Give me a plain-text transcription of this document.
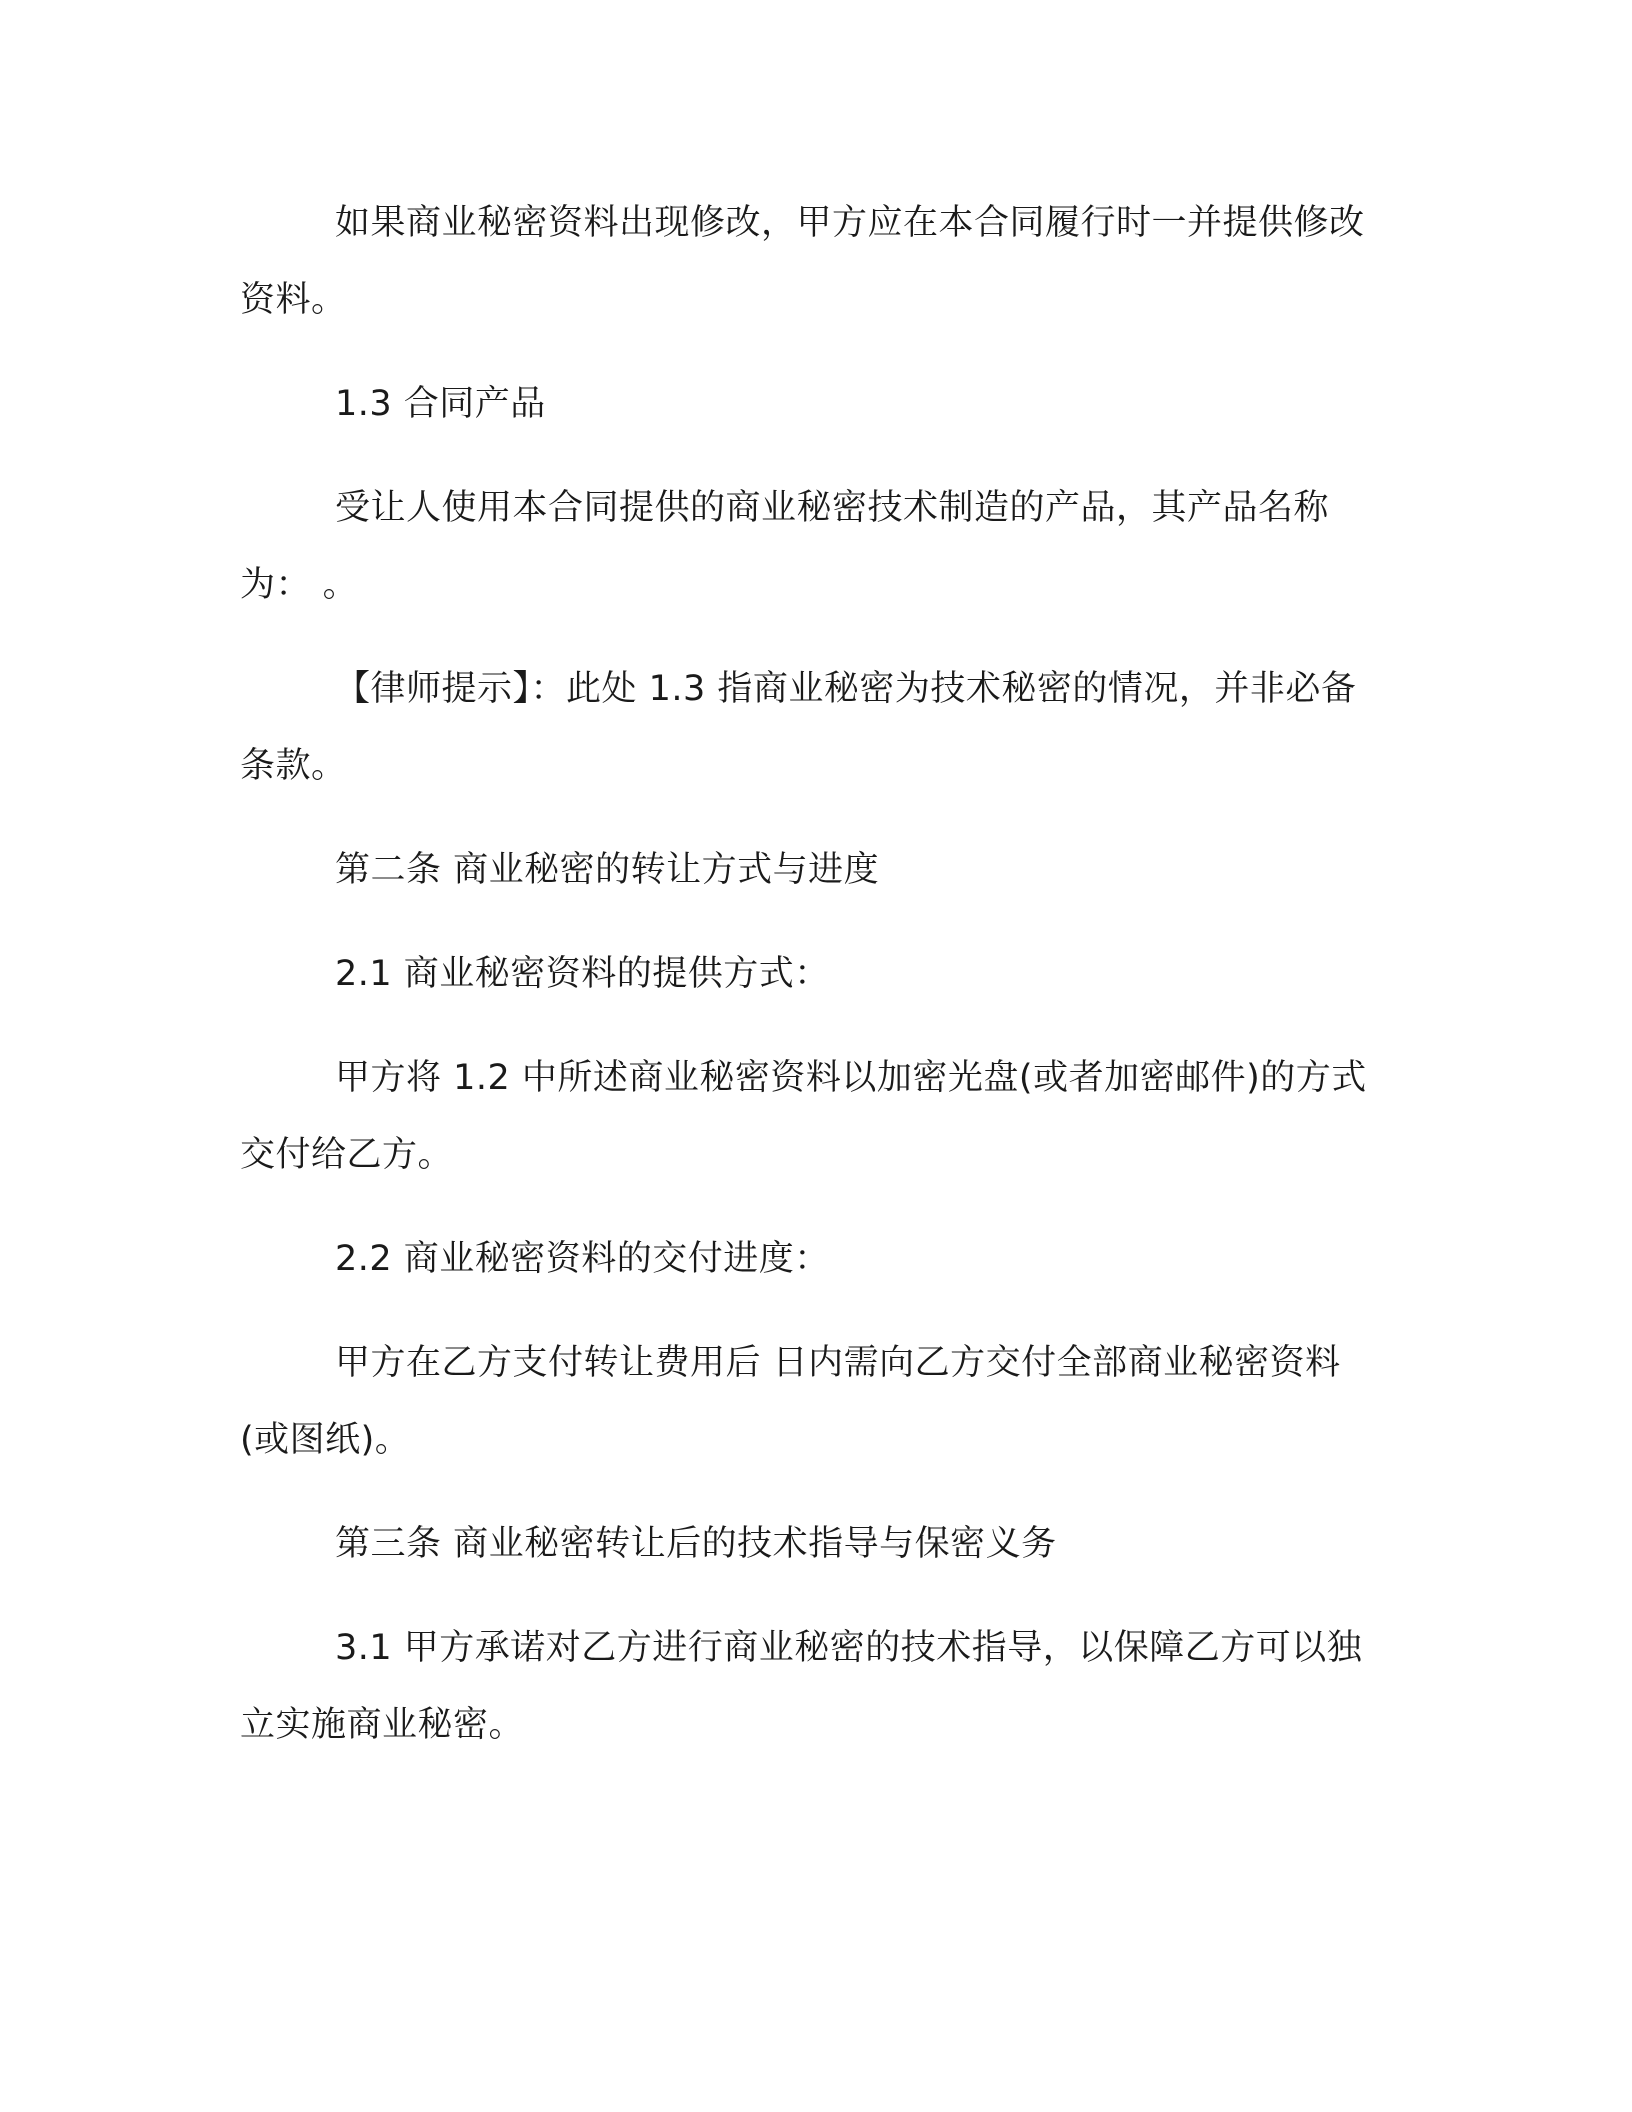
如果商业秘密资料出现修改，甲方应在本合同履行时一并提供修改资料。

1.3 合同产品

受让人使用本合同提供的商业秘密技术制造的产品，其产品名称为： 。

【律师提示】：此处 1.3 指商业秘密为技术秘密的情况，并非必备条款。

第二条 商业秘密的转让方式与进度

2.1 商业秘密资料的提供方式：

甲方将 1.2 中所述商业秘密资料以加密光盘(或者加密邮件)的方式交付给乙方。

2.2 商业秘密资料的交付进度：

甲方在乙方支付转让费用后 日内需向乙方交付全部商业秘密资料(或图纸)。

第三条 商业秘密转让后的技术指导与保密义务

3.1 甲方承诺对乙方进行商业秘密的技术指导，以保障乙方可以独立实施商业秘密。
